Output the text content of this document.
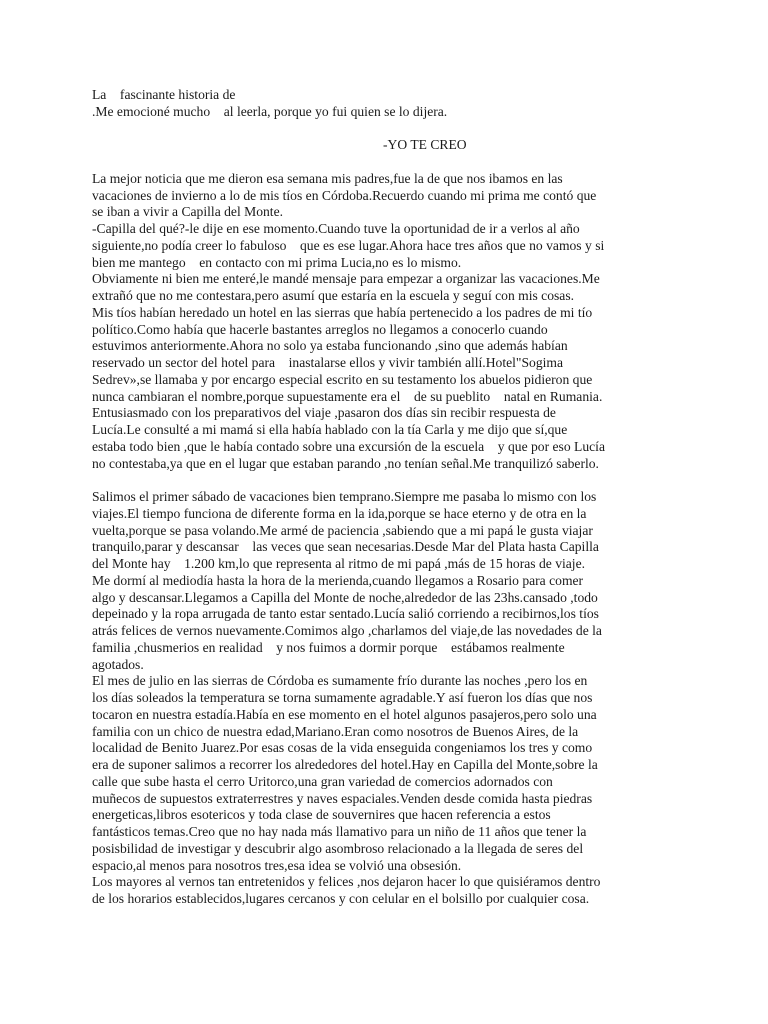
La    fascinante historia de
.Me emocioné mucho    al leerla, porque yo fui quien se lo dijera.
-YO TE CREO
La mejor noticia que me dieron esa semana mis padres,fue la de que nos ibamos en las
vacaciones de invierno a lo de mis tíos en Córdoba.Recuerdo cuando mi prima me contó que
se iban a vivir a Capilla del Monte.
-Capilla del qué?-le dije en ese momento.Cuando tuve la oportunidad de ir a verlos al año
siguiente,no podía creer lo fabuloso    que es ese lugar.Ahora hace tres años que no vamos y si
bien me mantego    en contacto con mi prima Lucia,no es lo mismo.
Obviamente ni bien me enteré,le mandé mensaje para empezar a organizar las vacaciones.Me
extrañó que no me contestara,pero asumí que estaría en la escuela y seguí con mis cosas.
Mis tíos habían heredado un hotel en las sierras que había pertenecido a los padres de mi tío
político.Como había que hacerle bastantes arreglos no llegamos a conocerlo cuando
estuvimos anteriormente.Ahora no solo ya estaba funcionando ,sino que además habían
reservado un sector del hotel para    inastalarse ellos y vivir también allí.Hotel"Sogima
Sedrev»,se llamaba y por encargo especial escrito en su testamento los abuelos pidieron que
nunca cambiaran el nombre,porque supuestamente era el    de su pueblito    natal en Rumania.
Entusiasmado con los preparativos del viaje ,pasaron dos días sin recibir respuesta de
Lucía.Le consulté a mi mamá si ella había hablado con la tía Carla y me dijo que sí,que
estaba todo bien ,que le había contado sobre una excursión de la escuela    y que por eso Lucía
no contestaba,ya que en el lugar que estaban parando ,no tenían señal.Me tranquilizó saberlo.
Salimos el primer sábado de vacaciones bien temprano.Siempre me pasaba lo mismo con los
viajes.El tiempo funciona de diferente forma en la ida,porque se hace eterno y de otra en la
vuelta,porque se pasa volando.Me armé de paciencia ,sabiendo que a mi papá le gusta viajar
tranquilo,parar y descansar    las veces que sean necesarias.Desde Mar del Plata hasta Capilla
del Monte hay    1.200 km,lo que representa al ritmo de mi papá ,más de 15 horas de viaje.
Me dormí al mediodía hasta la hora de la merienda,cuando llegamos a Rosario para comer
algo y descansar.Llegamos a Capilla del Monte de noche,alrededor de las 23hs.cansado ,todo
depeinado y la ropa arrugada de tanto estar sentado.Lucía salió corriendo a recibirnos,los tíos
atrás felices de vernos nuevamente.Comimos algo ,charlamos del viaje,de las novedades de la
familia ,chusmerios en realidad    y nos fuimos a dormir porque    estábamos realmente
agotados.
El mes de julio en las sierras de Córdoba es sumamente frío durante las noches ,pero los en
los días soleados la temperatura se torna sumamente agradable.Y así fueron los días que nos
tocaron en nuestra estadía.Había en ese momento en el hotel algunos pasajeros,pero solo una
familia con un chico de nuestra edad,Mariano.Eran como nosotros de Buenos Aires, de la
localidad de Benito Juarez.Por esas cosas de la vida enseguida congeniamos los tres y como
era de suponer salimos a recorrer los alrededores del hotel.Hay en Capilla del Monte,sobre la
calle que sube hasta el cerro Uritorco,una gran variedad de comercios adornados con
muñecos de supuestos extraterrestres y naves espaciales.Venden desde comida hasta piedras
energeticas,libros esotericos y toda clase de souvernires que hacen referencia a estos
fantásticos temas.Creo que no hay nada más llamativo para un niño de 11 años que tener la
posisbilidad de investigar y descubrir algo asombroso relacionado a la llegada de seres del
espacio,al menos para nosotros tres,esa idea se volvió una obsesión.
Los mayores al vernos tan entretenidos y felices ,nos dejaron hacer lo que quisiéramos dentro
de los horarios establecidos,lugares cercanos y con celular en el bolsillo por cualquier cosa.
